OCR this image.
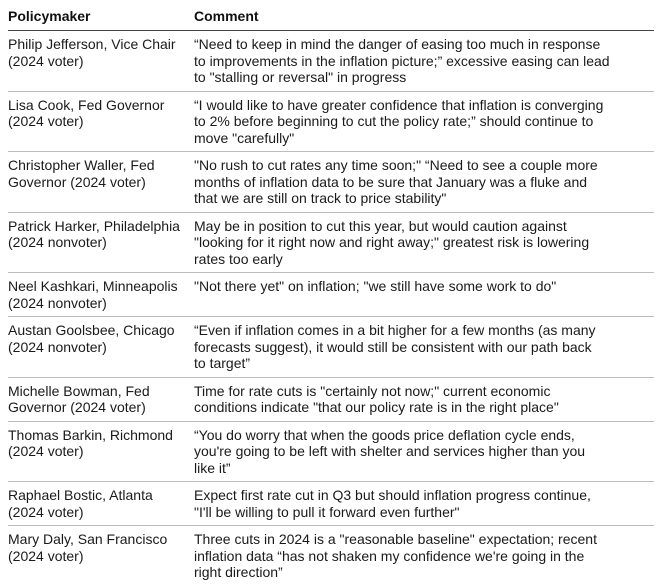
Policymaker	Comment
Philip Jefferson, Vice Chair
(2024 voter)
“Need to keep in mind the danger of easing too much in response
to improvements in the inflation picture;” excessive easing can lead
to "stalling or reversal" in progress
Lisa Cook, Fed Governor
(2024 voter)
“I would like to have greater confidence that inflation is converging
to 2% before beginning to cut the policy rate;” should continue to
move "carefully"
Christopher Waller, Fed
Governor (2024 voter)
"No rush to cut rates any time soon;" “Need to see a couple more
months of inflation data to be sure that January was a fluke and
that we are still on track to price stability"
Patrick Harker, Philadelphia
(2024 nonvoter)
May be in position to cut this year, but would caution against
"looking for it right now and right away;" greatest risk is lowering
rates too early
Neel Kashkari, Minneapolis
(2024 nonvoter)
"Not there yet" on inflation; "we still have some work to do"
Austan Goolsbee, Chicago
(2024 nonvoter)
“Even if inflation comes in a bit higher for a few months (as many
forecasts suggest), it would still be consistent with our path back
to target”
Michelle Bowman, Fed
Governor (2024 voter)
Time for rate cuts is "certainly not now;" current economic
conditions indicate "that our policy rate is in the right place"
Thomas Barkin, Richmond
(2024 voter)
“You do worry that when the goods price deflation cycle ends,
you're going to be left with shelter and services higher than you
like it”
Raphael Bostic, Atlanta
(2024 voter)
Expect first rate cut in Q3 but should inflation progress continue,
"I'll be willing to pull it forward even further"
Mary Daly, San Francisco
(2024 voter)
Three cuts in 2024 is a "reasonable baseline" expectation; recent
inflation data “has not shaken my confidence we're going in the
right direction”
